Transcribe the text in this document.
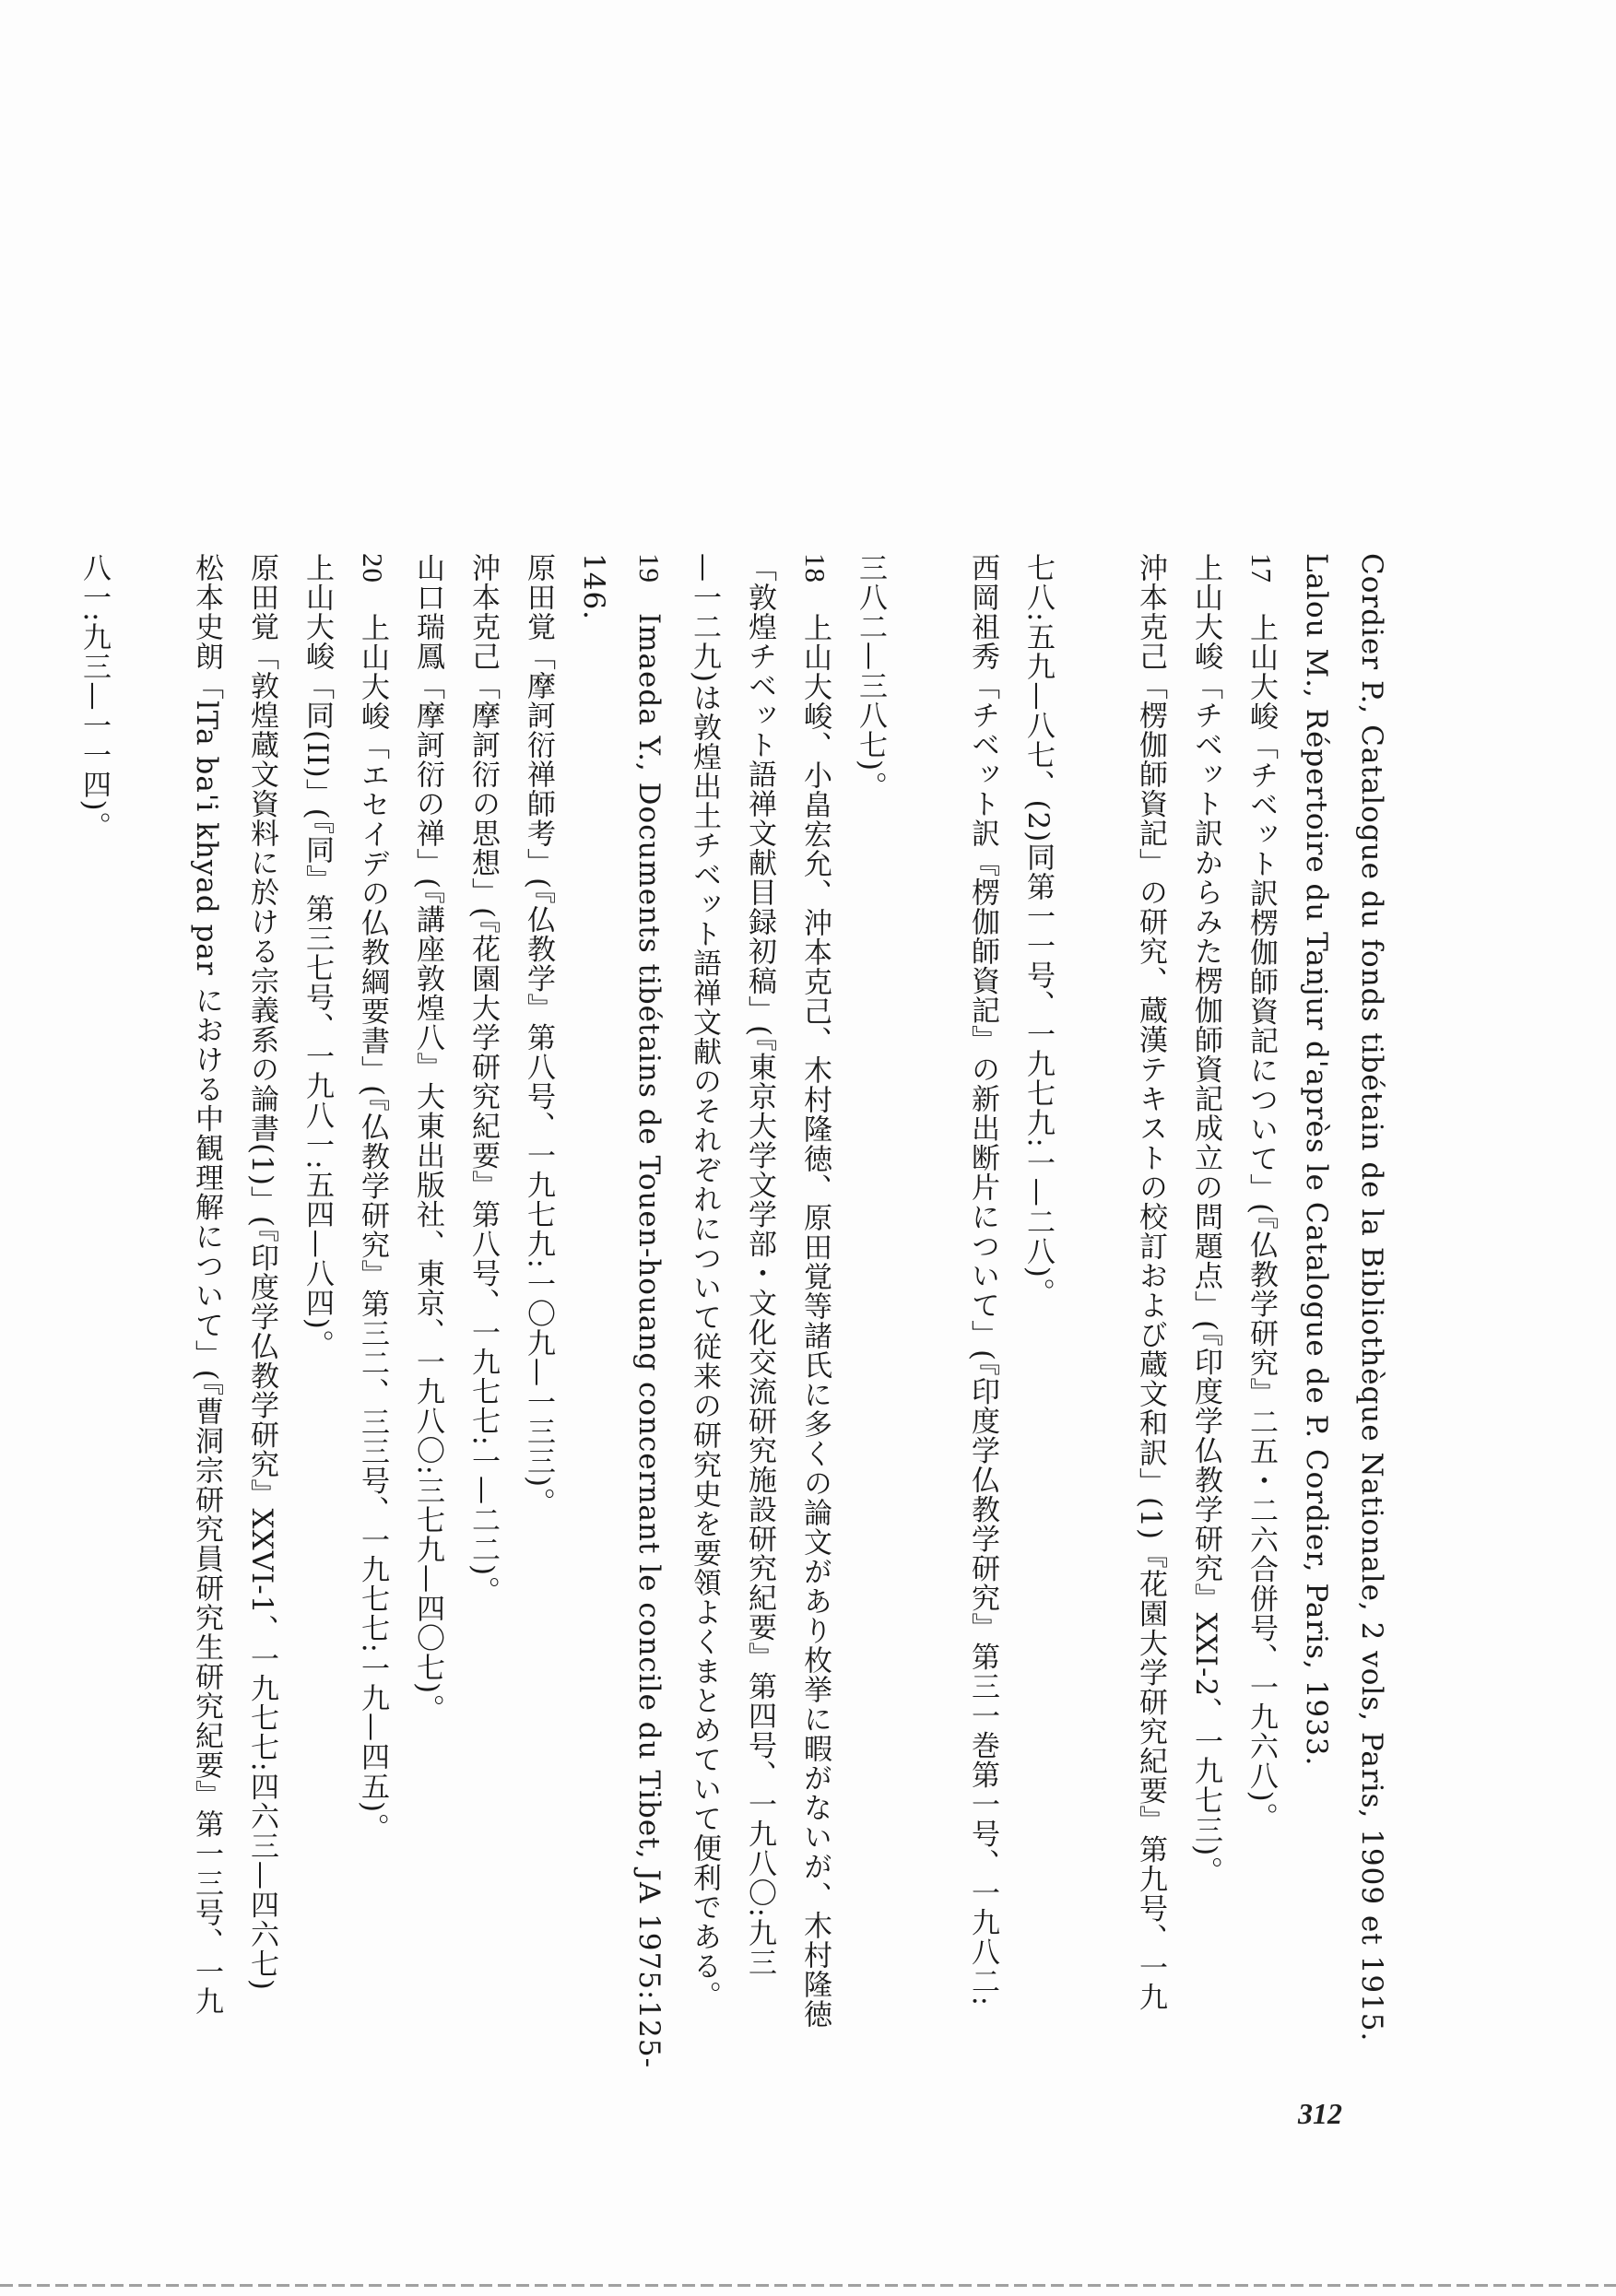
Cordier P., Catalogue du fonds tibétain de la Bibliothèque Nationale, 2 vols, Paris, 1909 et 1915.
Lalou M., Répertoire du Tanjur d'après le Catalogue de P. Cordier, Paris, 1933.
17　上山大峻「チベット訳楞伽師資記について」(『仏教学研究』二五・二六合併号、一九六八)。
上山大峻「チベット訳からみた楞伽師資記成立の問題点」(『印度学仏教学研究』XXI-2、一九七三)。
沖本克己「楞伽師資記」の研究、蔵漢テキストの校訂および蔵文和訳」(1)『花園大学研究紀要』第九号、一九
七八:五九—八七、(2)同第一一号、一九七九:一—二八)。
西岡祖秀「チベット訳『楞伽師資記』の新出断片について」(『印度学仏教学研究』第三一巻第一号、一九八二:
三八二—三八七)。
18　上山大峻、小畠宏允、沖本克己、木村隆徳、原田覚等諸氏に多くの論文があり枚挙に暇がないが、木村隆徳
「敦煌チベット語禅文献目録初稿」(『東京大学文学部・文化交流研究施設研究紀要』第四号、一九八〇:九三
—一二九)は敦煌出土チベット語禅文献のそれぞれについて従来の研究史を要領よくまとめていて便利である。
19　Imaeda Y., Documents tibétains de Touen-houang concernant le concile du Tibet, JA 1975:125-
146.
原田覚「摩訶衍禅師考」(『仏教学』第八号、一九七九:一〇九—一三三)。
沖本克己「摩訶衍の思想」(『花園大学研究紀要』第八号、一九七七:一—二二)。
山口瑞鳳「摩訶衍の禅」(『講座敦煌八』大東出版社、東京、一九八〇:三七九—四〇七)。
20　上山大峻「エセイデの仏教綱要書」(『仏教学研究』第三二、三三号、一九七七:一九—四五)。
上山大峻「同(II)」(『同』第三七号、一九八一:五四—八四)。
原田覚「敦煌蔵文資料に於ける宗義系の論書(1)」(『印度学仏教学研究』XXVI-1、一九七七:四六三—四六七)
松本史朗「lTa ba'i khyad par における中観理解について」(『曹洞宗研究員研究生研究紀要』第一三号、一九
八一:九三—一一四)。
312
